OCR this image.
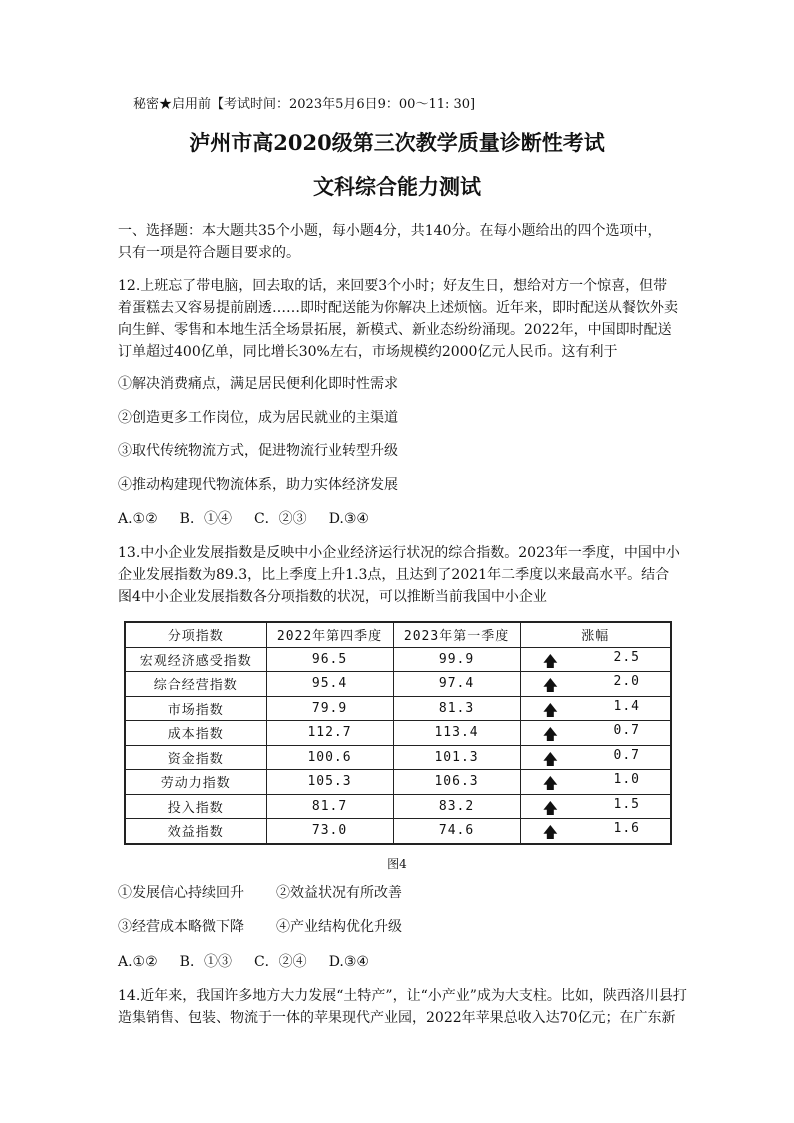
秘密★启用前【考试时间：2023年5月6日9：00～11: 30]

泸州市高2020级第三次教学质量诊断性考试

文科综合能力测试

一、选择题：本大题共35个小题，每小题4分，共140分。在每小题给出的四个选项中，

只有一项是符合题目要求的。

12.上班忘了带电脑，回去取的话，来回要3个小时；好友生日，想给对方一个惊喜，但带

着蛋糕去又容易提前剧透……即时配送能为你解决上述烦恼。近年来，即时配送从餐饮外卖

向生鲜、零售和本地生活全场景拓展，新模式、新业态纷纷涌现。2022年，中国即时配送

订单超过400亿单，同比增长30%左右，市场规模约2000亿元人民币。这有利于

①解决消费痛点，满足居民便利化即时性需求

②创造更多工作岗位，成为居民就业的主渠道

③取代传统物流方式，促进物流行业转型升级

④推动构建现代物流体系，助力实体经济发展

A.①② B．①④ C．②③ D.③④

13.中小企业发展指数是反映中小企业经济运行状况的综合指数。2023年一季度，中国中小

企业发展指数为89.3，比上季度上升1.3点，且达到了2021年二季度以来最高水平。结合

图4中小企业发展指数各分项指数的状况，可以推断当前我国中小企业

分项指数	2022年第四季度	2023年第一季度	涨幅
宏观经济感受指数	96.5	99.9	🡅 2.5

综合经营指数	95.4	97.4	🡅 2.0

市场指数	79.9	81.3	🡅 1.4

成本指数	112.7	113.4	🡅 0.7

资金指数	100.6	101.3	🡅 0.7

劳动力指数	105.3	106.3	🡅 1.0

投入指数	81.7	83.2	🡅 1.5

效益指数	73.0	74.6	🡅 1.6

图4

①发展信心持续回升 ②效益状况有所改善

③经营成本略微下降 ④产业结构优化升级

A.①② B．①③ C．②④ D.③④

14.近年来，我国许多地方大力发展“土特产”，让“小产业”成为大支柱。比如，陕西洛川县打

造集销售、包装、物流于一体的苹果现代产业园，2022年苹果总收入达70亿元；在广东新
